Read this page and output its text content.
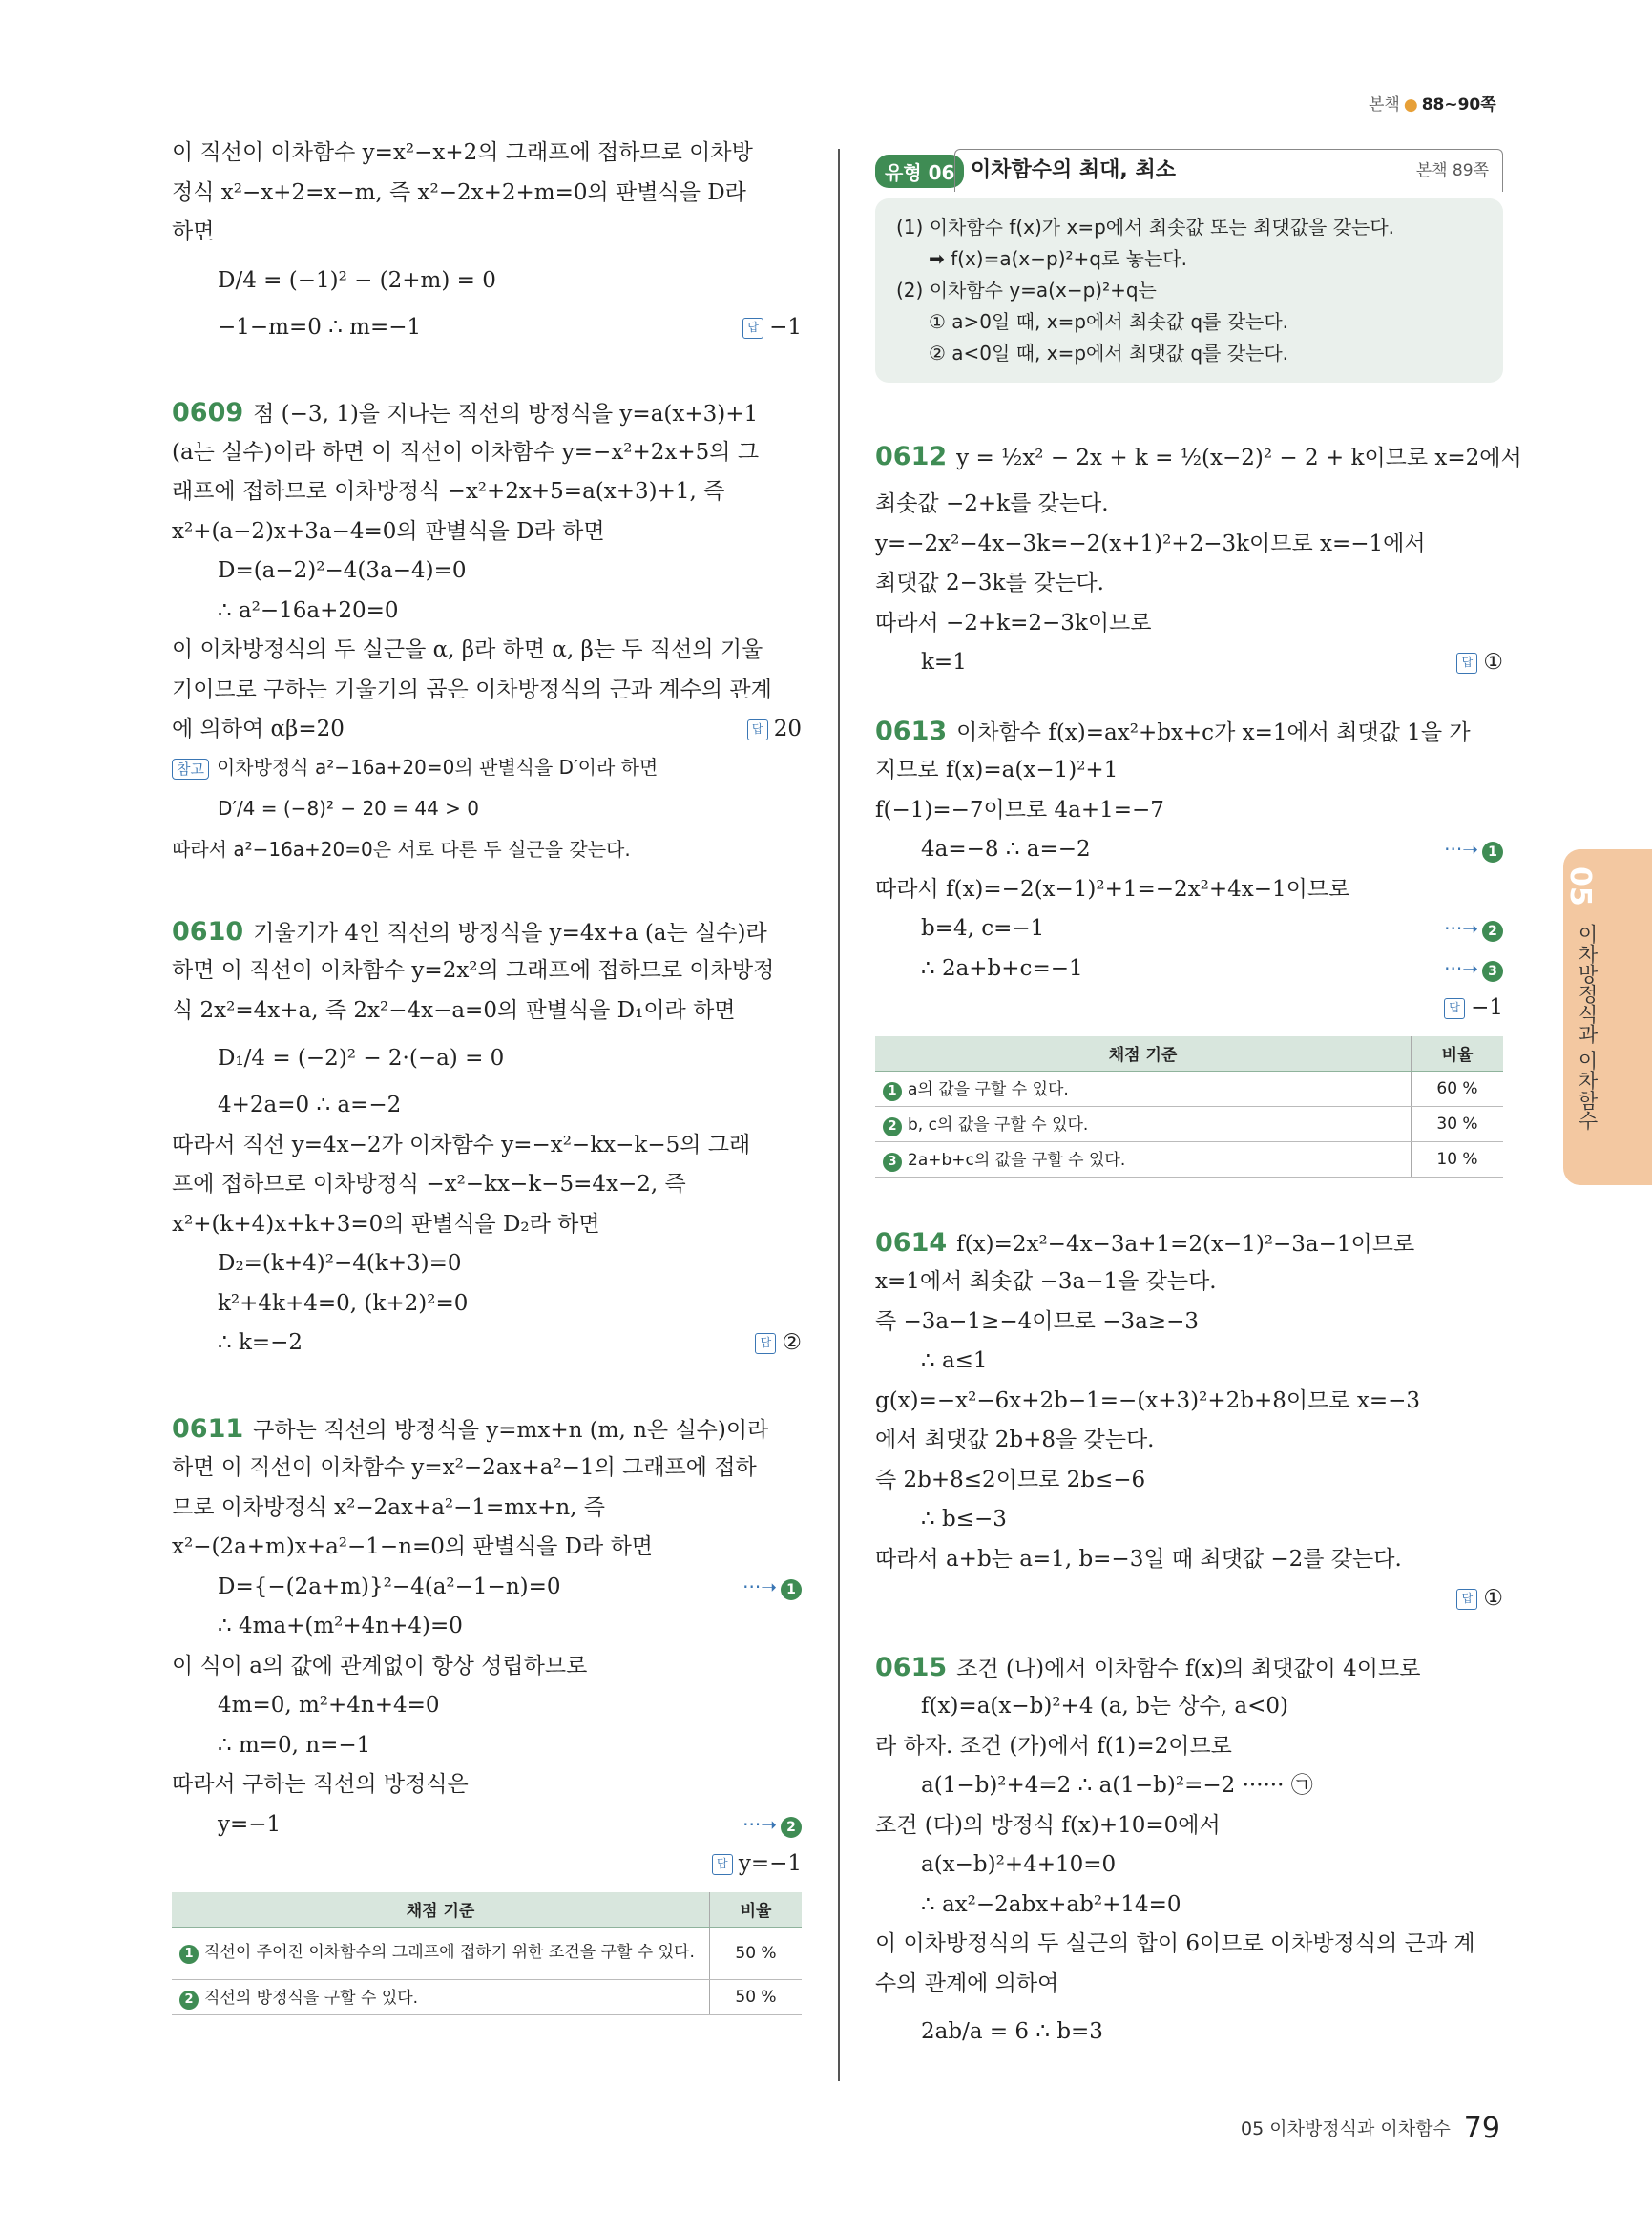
본책 ● 88~90쪽
이 직선이 이차함수 y=x²−x+2의 그래프에 접하므로 이차방
정식 x²−x+2=x−m, 즉 x²−2x+2+m=0의 판별식을 D라
하면
D/4 = (−1)² − (2+m) = 0
−1−m=0 ∴ m=−1	답 −1
0609 점 (−3, 1)을 지나는 직선의 방정식을 y=a(x+3)+1
(a는 실수)이라 하면 이 직선이 이차함수 y=−x²+2x+5의 그
래프에 접하므로 이차방정식 −x²+2x+5=a(x+3)+1, 즉
x²+(a−2)x+3a−4=0의 판별식을 D라 하면
D=(a−2)²−4(3a−4)=0
∴ a²−16a+20=0
이 이차방정식의 두 실근을 α, β라 하면 α, β는 두 직선의 기울
기이므로 구하는 기울기의 곱은 이차방정식의 근과 계수의 관계
에 의하여 αβ=20	답 20
참고 이차방정식 a²−16a+20=0의 판별식을 D′이라 하면
D′/4 = (−8)² − 20 = 44 > 0
따라서 a²−16a+20=0은 서로 다른 두 실근을 갖는다.
0610 기울기가 4인 직선의 방정식을 y=4x+a (a는 실수)라
하면 이 직선이 이차함수 y=2x²의 그래프에 접하므로 이차방정
식 2x²=4x+a, 즉 2x²−4x−a=0의 판별식을 D₁이라 하면
D₁/4 = (−2)² − 2·(−a) = 0
4+2a=0 ∴ a=−2
따라서 직선 y=4x−2가 이차함수 y=−x²−kx−k−5의 그래
프에 접하므로 이차방정식 −x²−kx−k−5=4x−2, 즉
x²+(k+4)x+k+3=0의 판별식을 D₂라 하면
D₂=(k+4)²−4(k+3)=0
k²+4k+4=0, (k+2)²=0
∴ k=−2	답 ②
0611 구하는 직선의 방정식을 y=mx+n (m, n은 실수)이라
하면 이 직선이 이차함수 y=x²−2ax+a²−1의 그래프에 접하
므로 이차방정식 x²−2ax+a²−1=mx+n, 즉
x²−(2a+m)x+a²−1−n=0의 판별식을 D라 하면
D={−(2a+m)}²−4(a²−1−n)=0	···➝ 1
∴ 4ma+(m²+4n+4)=0
이 식이 a의 값에 관계없이 항상 성립하므로
4m=0, m²+4n+4=0
∴ m=0, n=−1
따라서 구하는 직선의 방정식은
y=−1	···➝ 2
답 y=−1
채점 기준	비율
1 직선이 주어진 이차함수의 그래프에 접하기 위한 조건을 구할 수 있다.	50 %
2 직선의 방정식을 구할 수 있다.	50 %
유형 06 이차함수의 최대, 최소	본책 89쪽
(1) 이차함수 f(x)가 x=p에서 최솟값 또는 최댓값을 갖는다.
➡ f(x)=a(x−p)²+q로 놓는다.
(2) 이차함수 y=a(x−p)²+q는
① a>0일 때, x=p에서 최솟값 q를 갖는다.
② a<0일 때, x=p에서 최댓값 q를 갖는다.
0612 y = ½x² − 2x + k = ½(x−2)² − 2 + k이므로 x=2에서
최솟값 −2+k를 갖는다.
y=−2x²−4x−3k=−2(x+1)²+2−3k이므로 x=−1에서
최댓값 2−3k를 갖는다.
따라서 −2+k=2−3k이므로
k=1	답 ①
0613 이차함수 f(x)=ax²+bx+c가 x=1에서 최댓값 1을 가
지므로 f(x)=a(x−1)²+1
f(−1)=−7이므로 4a+1=−7
4a=−8 ∴ a=−2	···➝ 1
따라서 f(x)=−2(x−1)²+1=−2x²+4x−1이므로
b=4, c=−1	···➝ 2
∴ 2a+b+c=−1	···➝ 3
답 −1
채점 기준	비율
1 a의 값을 구할 수 있다.	60 %
2 b, c의 값을 구할 수 있다.	30 %
3 2a+b+c의 값을 구할 수 있다.	10 %
0614 f(x)=2x²−4x−3a+1=2(x−1)²−3a−1이므로
x=1에서 최솟값 −3a−1을 갖는다.
즉 −3a−1≥−4이므로 −3a≥−3
∴ a≤1
g(x)=−x²−6x+2b−1=−(x+3)²+2b+8이므로 x=−3
에서 최댓값 2b+8을 갖는다.
즉 2b+8≤2이므로 2b≤−6
∴ b≤−3
따라서 a+b는 a=1, b=−3일 때 최댓값 −2를 갖는다.
답 ①
0615 조건 (나)에서 이차함수 f(x)의 최댓값이 4이므로
f(x)=a(x−b)²+4 (a, b는 상수, a<0)
라 하자. 조건 (가)에서 f(1)=2이므로
a(1−b)²+4=2 ∴ a(1−b)²=−2 ······ ㉠
조건 (다)의 방정식 f(x)+10=0에서
a(x−b)²+4+10=0
∴ ax²−2abx+ab²+14=0
이 이차방정식의 두 실근의 합이 6이므로 이차방정식의 근과 계
수의 관계에 의하여
2ab/a = 6 ∴ b=3
05
이차방정식과 이차함수
05 이차방정식과 이차함수 79
